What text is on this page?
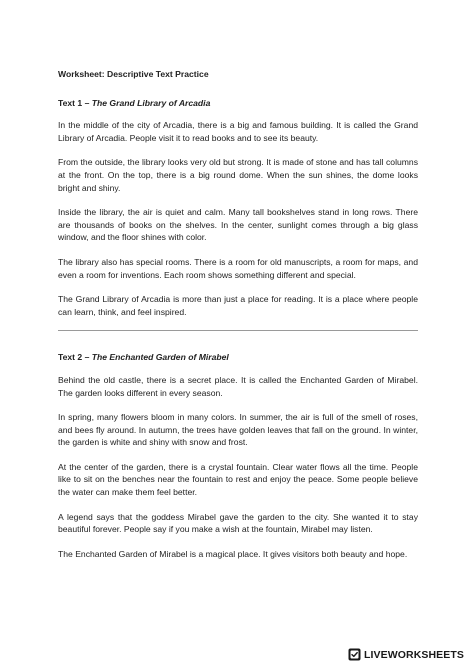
Worksheet: Descriptive Text Practice
Text 1 – The Grand Library of Arcadia

In the middle of the city of Arcadia, there is a big and famous building. It is called the Grand Library of Arcadia. People visit it to read books and to see its beauty.

From the outside, the library looks very old but strong. It is made of stone and has tall columns at the front. On the top, there is a big round dome. When the sun shines, the dome looks bright and shiny.

Inside the library, the air is quiet and calm. Many tall bookshelves stand in long rows. There are thousands of books on the shelves. In the center, sunlight comes through a big glass window, and the floor shines with color.

The library also has special rooms. There is a room for old manuscripts, a room for maps, and even a room for inventions. Each room shows something different and special.

The Grand Library of Arcadia is more than just a place for reading. It is a place where people can learn, think, and feel inspired.

Text 2 – The Enchanted Garden of Mirabel

Behind the old castle, there is a secret place. It is called the Enchanted Garden of Mirabel. The garden looks different in every season.

In spring, many flowers bloom in many colors. In summer, the air is full of the smell of roses, and bees fly around. In autumn, the trees have golden leaves that fall on the ground. In winter, the garden is white and shiny with snow and frost.

At the center of the garden, there is a crystal fountain. Clear water flows all the time. People like to sit on the benches near the fountain to rest and enjoy the peace. Some people believe the water can make them feel better.

A legend says that the goddess Mirabel gave the garden to the city. She wanted it to stay beautiful forever. People say if you make a wish at the fountain, Mirabel may listen.

The Enchanted Garden of Mirabel is a magical place. It gives visitors both beauty and hope.

LIVEWORKSHEETS
